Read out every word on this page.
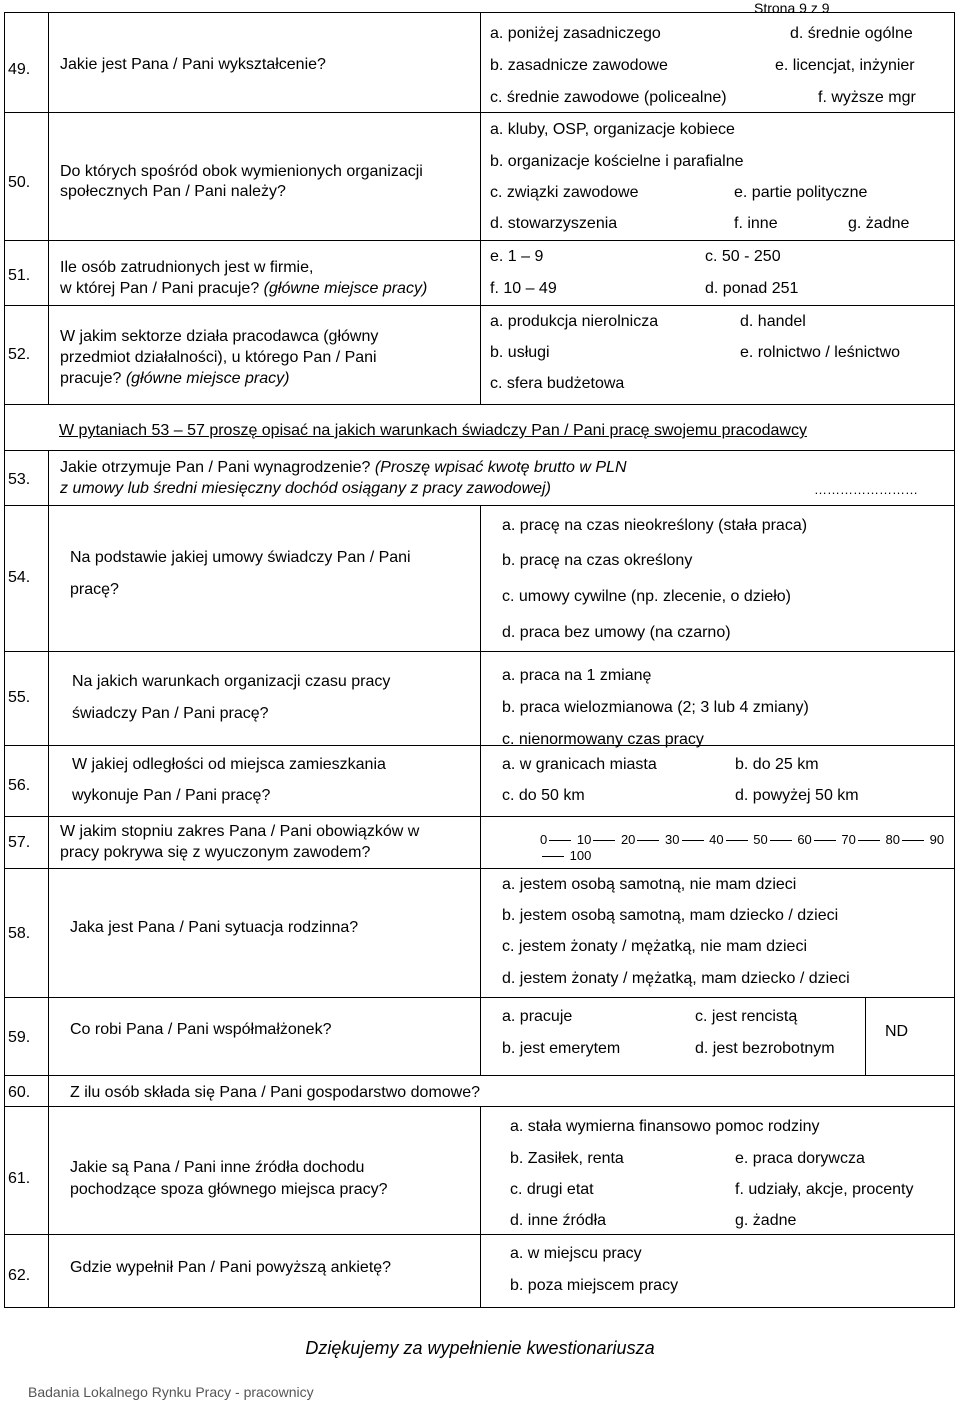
Strona 9 z 9
49.	Jakie jest Pana / Pani wykształcenie?
a. poniżej zasadniczego	d. średnie ogólne
b. zasadnicze zawodowe	e. licencjat, inżynier
c. średnie zawodowe (policealne)	f. wyższe mgr
50.
Do których spośród obok wymienionych organizacji
społecznych Pan / Pani należy?
a. kluby, OSP, organizacje kobiece
b. organizacje kościelne i parafialne
c. związki zawodowe	e. partie polityczne
d. stowarzyszenia	f. inne	g. żadne
51.	Ile osób zatrudnionych jest w firmie,
w której Pan / Pani pracuje? (główne miejsce pracy)
e. 1 – 9	c. 50 - 250
f. 10 – 49	d. ponad 251
52.
W jakim sektorze działa pracodawca (główny
przedmiot działalności), u którego Pan / Pani
pracuje? (główne miejsce pracy)
a. produkcja nierolnicza	d. handel
b. usługi	e. rolnictwo / leśnictwo
c. sfera budżetowa
W pytaniach 53 – 57 proszę opisać na jakich warunkach świadczy Pan / Pani pracę swojemu pracodawcy
53.
Jakie otrzymuje Pan / Pani wynagrodzenie? (Proszę wpisać kwotę brutto w PLN
z umowy lub średni miesięczny dochód osiągany z pracy zawodowej)	……………………
54.
Na podstawie jakiej umowy świadczy Pan / Pani
pracę?
a. pracę na czas nieokreślony (stała praca)
b. pracę na czas określony
c. umowy cywilne (np. zlecenie, o dzieło)
d. praca bez umowy (na czarno)
55.
Na jakich warunkach organizacji czasu pracy
świadczy Pan / Pani pracę?
a. praca na 1 zmianę
b. praca wielozmianowa (2; 3 lub 4 zmiany)
c. nienormowany czas pracy
56.
W jakiej odległości od miejsca zamieszkania
wykonuje Pan / Pani pracę?
a. w granicach miasta	b. do 25 km
c. do 50 km	d. powyżej 50 km
57.
W jakim stopniu zakres Pana / Pani obowiązków w
pracy pokrywa się z wyuczonym zawodem?
0 10 20 30 40 50 60 70 80 90 100
58.	Jaka jest Pana / Pani sytuacja rodzinna?
a. jestem osobą samotną, nie mam dzieci
b. jestem osobą samotną, mam dziecko / dzieci
c. jestem żonaty / mężatką, nie mam dzieci
d. jestem żonaty / mężatką, mam dziecko / dzieci
59.	Co robi Pana / Pani współmałżonek?
a. pracuje	c. jest rencistą
b. jest emerytem	d. jest bezrobotnym
ND
60.	Z ilu osób składa się Pana / Pani gospodarstwo domowe?
61.
Jakie są Pana / Pani inne źródła dochodu
pochodzące spoza głównego miejsca pracy?
a. stała wymierna finansowo pomoc rodziny
b. Zasiłek, renta	e. praca dorywcza
c. drugi etat	f. udziały, akcje, procenty
d. inne źródła	g. żadne
62.	Gdzie wypełnił Pan / Pani powyższą ankietę?
a. w miejscu pracy
b. poza miejscem pracy
Dziękujemy za wypełnienie kwestionariusza
Badania Lokalnego Rynku Pracy - pracownicy
